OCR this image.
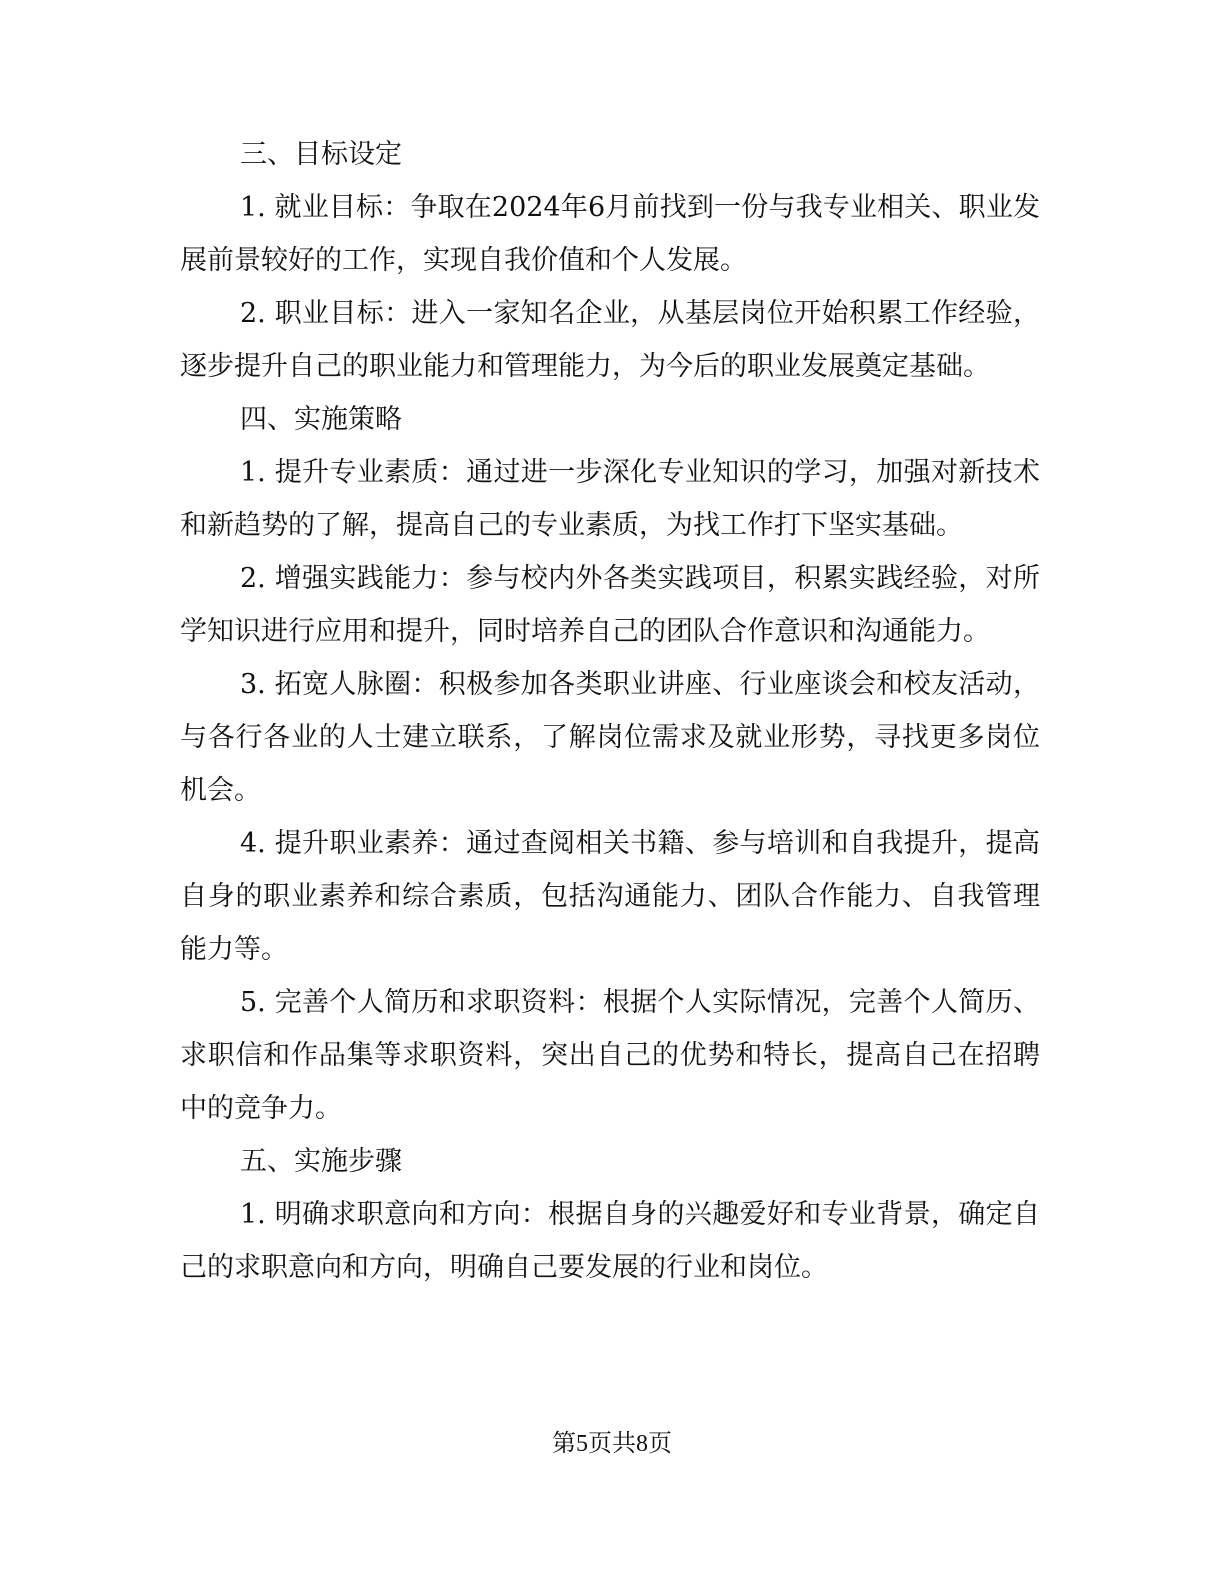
三、目标设定

1. 就业目标：争取在2024年6月前找到一份与我专业相关、职业发展前景较好的工作，实现自我价值和个人发展。

2. 职业目标：进入一家知名企业，从基层岗位开始积累工作经验，逐步提升自己的职业能力和管理能力，为今后的职业发展奠定基础。

四、实施策略

1. 提升专业素质：通过进一步深化专业知识的学习，加强对新技术和新趋势的了解，提高自己的专业素质，为找工作打下坚实基础。

2. 增强实践能力：参与校内外各类实践项目，积累实践经验，对所学知识进行应用和提升，同时培养自己的团队合作意识和沟通能力。

3. 拓宽人脉圈：积极参加各类职业讲座、行业座谈会和校友活动，与各行各业的人士建立联系，了解岗位需求及就业形势，寻找更多岗位机会。

4. 提升职业素养：通过查阅相关书籍、参与培训和自我提升，提高自身的职业素养和综合素质，包括沟通能力、团队合作能力、自我管理能力等。

5. 完善个人简历和求职资料：根据个人实际情况，完善个人简历、求职信和作品集等求职资料，突出自己的优势和特长，提高自己在招聘中的竞争力。

五、实施步骤

1. 明确求职意向和方向：根据自身的兴趣爱好和专业背景，确定自己的求职意向和方向，明确自己要发展的行业和岗位。

第5页共8页
